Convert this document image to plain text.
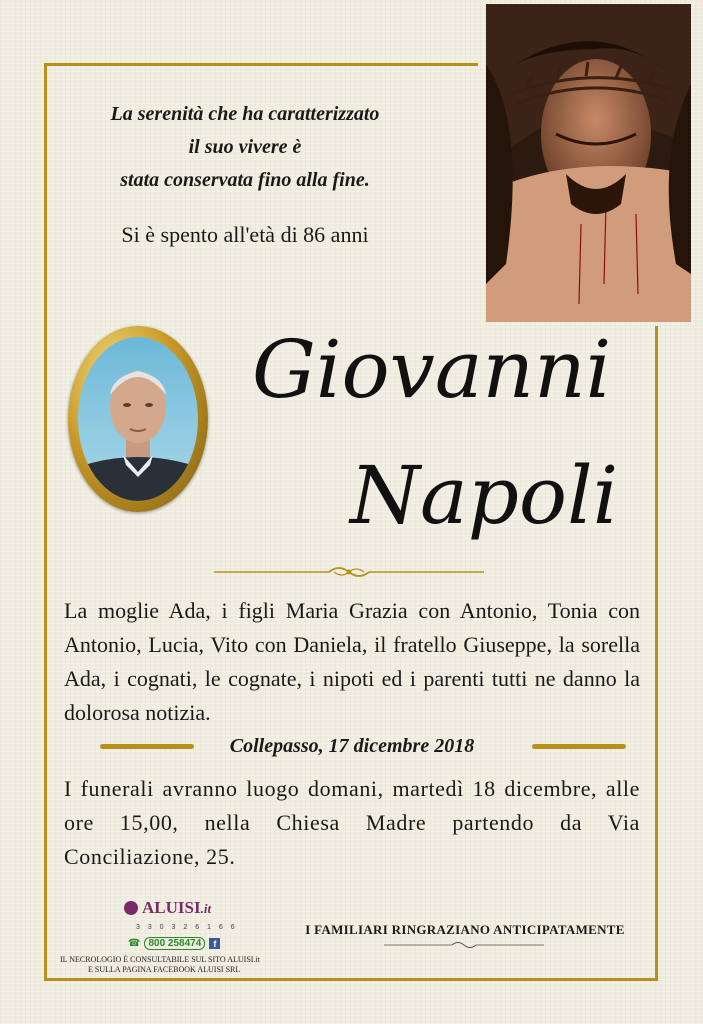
La serenità che ha caratterizzato
il suo vivere è
stata conservata fino alla fine.
Si è spento all'età di 86 anni
Giovanni
Napoli
La moglie Ada, i figli Maria Grazia con Antonio, Tonia con Antonio, Lucia, Vito con Daniela, il fratello Giuseppe, la sorella Ada, i cognati, le cognate, i nipoti ed i parenti tutti ne danno la dolorosa notizia.
Collepasso, 17 dicembre 2018
I funerali avranno luogo domani, martedì 18 dicembre, alle ore 15,00, nella Chiesa Madre partendo da Via Conciliazione, 25.
ALUISI.it
3 3 0 3 2 6 1 6 6
☎ 800 258474 f
IL NECROLOGIO È CONSULTABILE SUL SITO ALUISI.it
E SULLA PAGINA FACEBOOK ALUISI SRL
I FAMILIARI RINGRAZIANO ANTICIPATAMENTE
